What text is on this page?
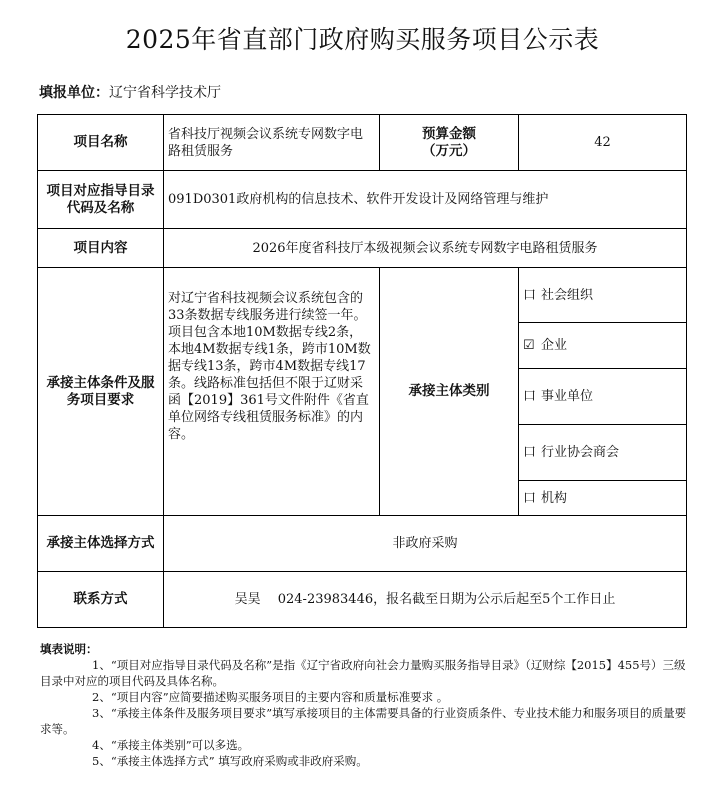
2025年省直部门政府购买服务项目公示表
填报单位：辽宁省科学技术厅
项目名称	省科技厅视频会议系统专网数字电路租赁服务	预算金额
（万元）	42
项目对应指导目录代码及名称	091D0301政府机构的信息技术、软件开发设计及网络管理与维护		
项目内容	2026年度省科技厅本级视频会议系统专网数字电路租赁服务		
承接主体条件及服务项目要求	对辽宁省科技视频会议系统包含的33条数据专线服务进行续签一年。项目包含本地10M数据专线2条，本地4M数据专线1条，跨市10M数据专线13条，跨市4M数据专线17条。线路标准包括但不限于辽财采函【2019】361号文件附件《省直单位网络专线租赁服务标准》的内容。	承接主体类别	口 社会组织
			☑ 企业
			口 事业单位
			口 行业协会商会
			口 机构
承接主体选择方式	非政府采购		
联系方式	吴昊　 024-23983446，报名截至日期为公示后起至5个工作日止		
填表说明：
1、“项目对应指导目录代码及名称”是指《辽宁省政府向社会力量购买服务指导目录》（辽财综【2015】455号）三级目录中对应的项目代码及具体名称。
2、“项目内容”应简要描述购买服务项目的主要内容和质量标准要求 。
3、“承接主体条件及服务项目要求”填写承接项目的主体需要具备的行业资质条件、专业技术能力和服务项目的质量要求等。
4、“承接主体类别”可以多选。
5、“承接主体选择方式” 填写政府采购或非政府采购。
